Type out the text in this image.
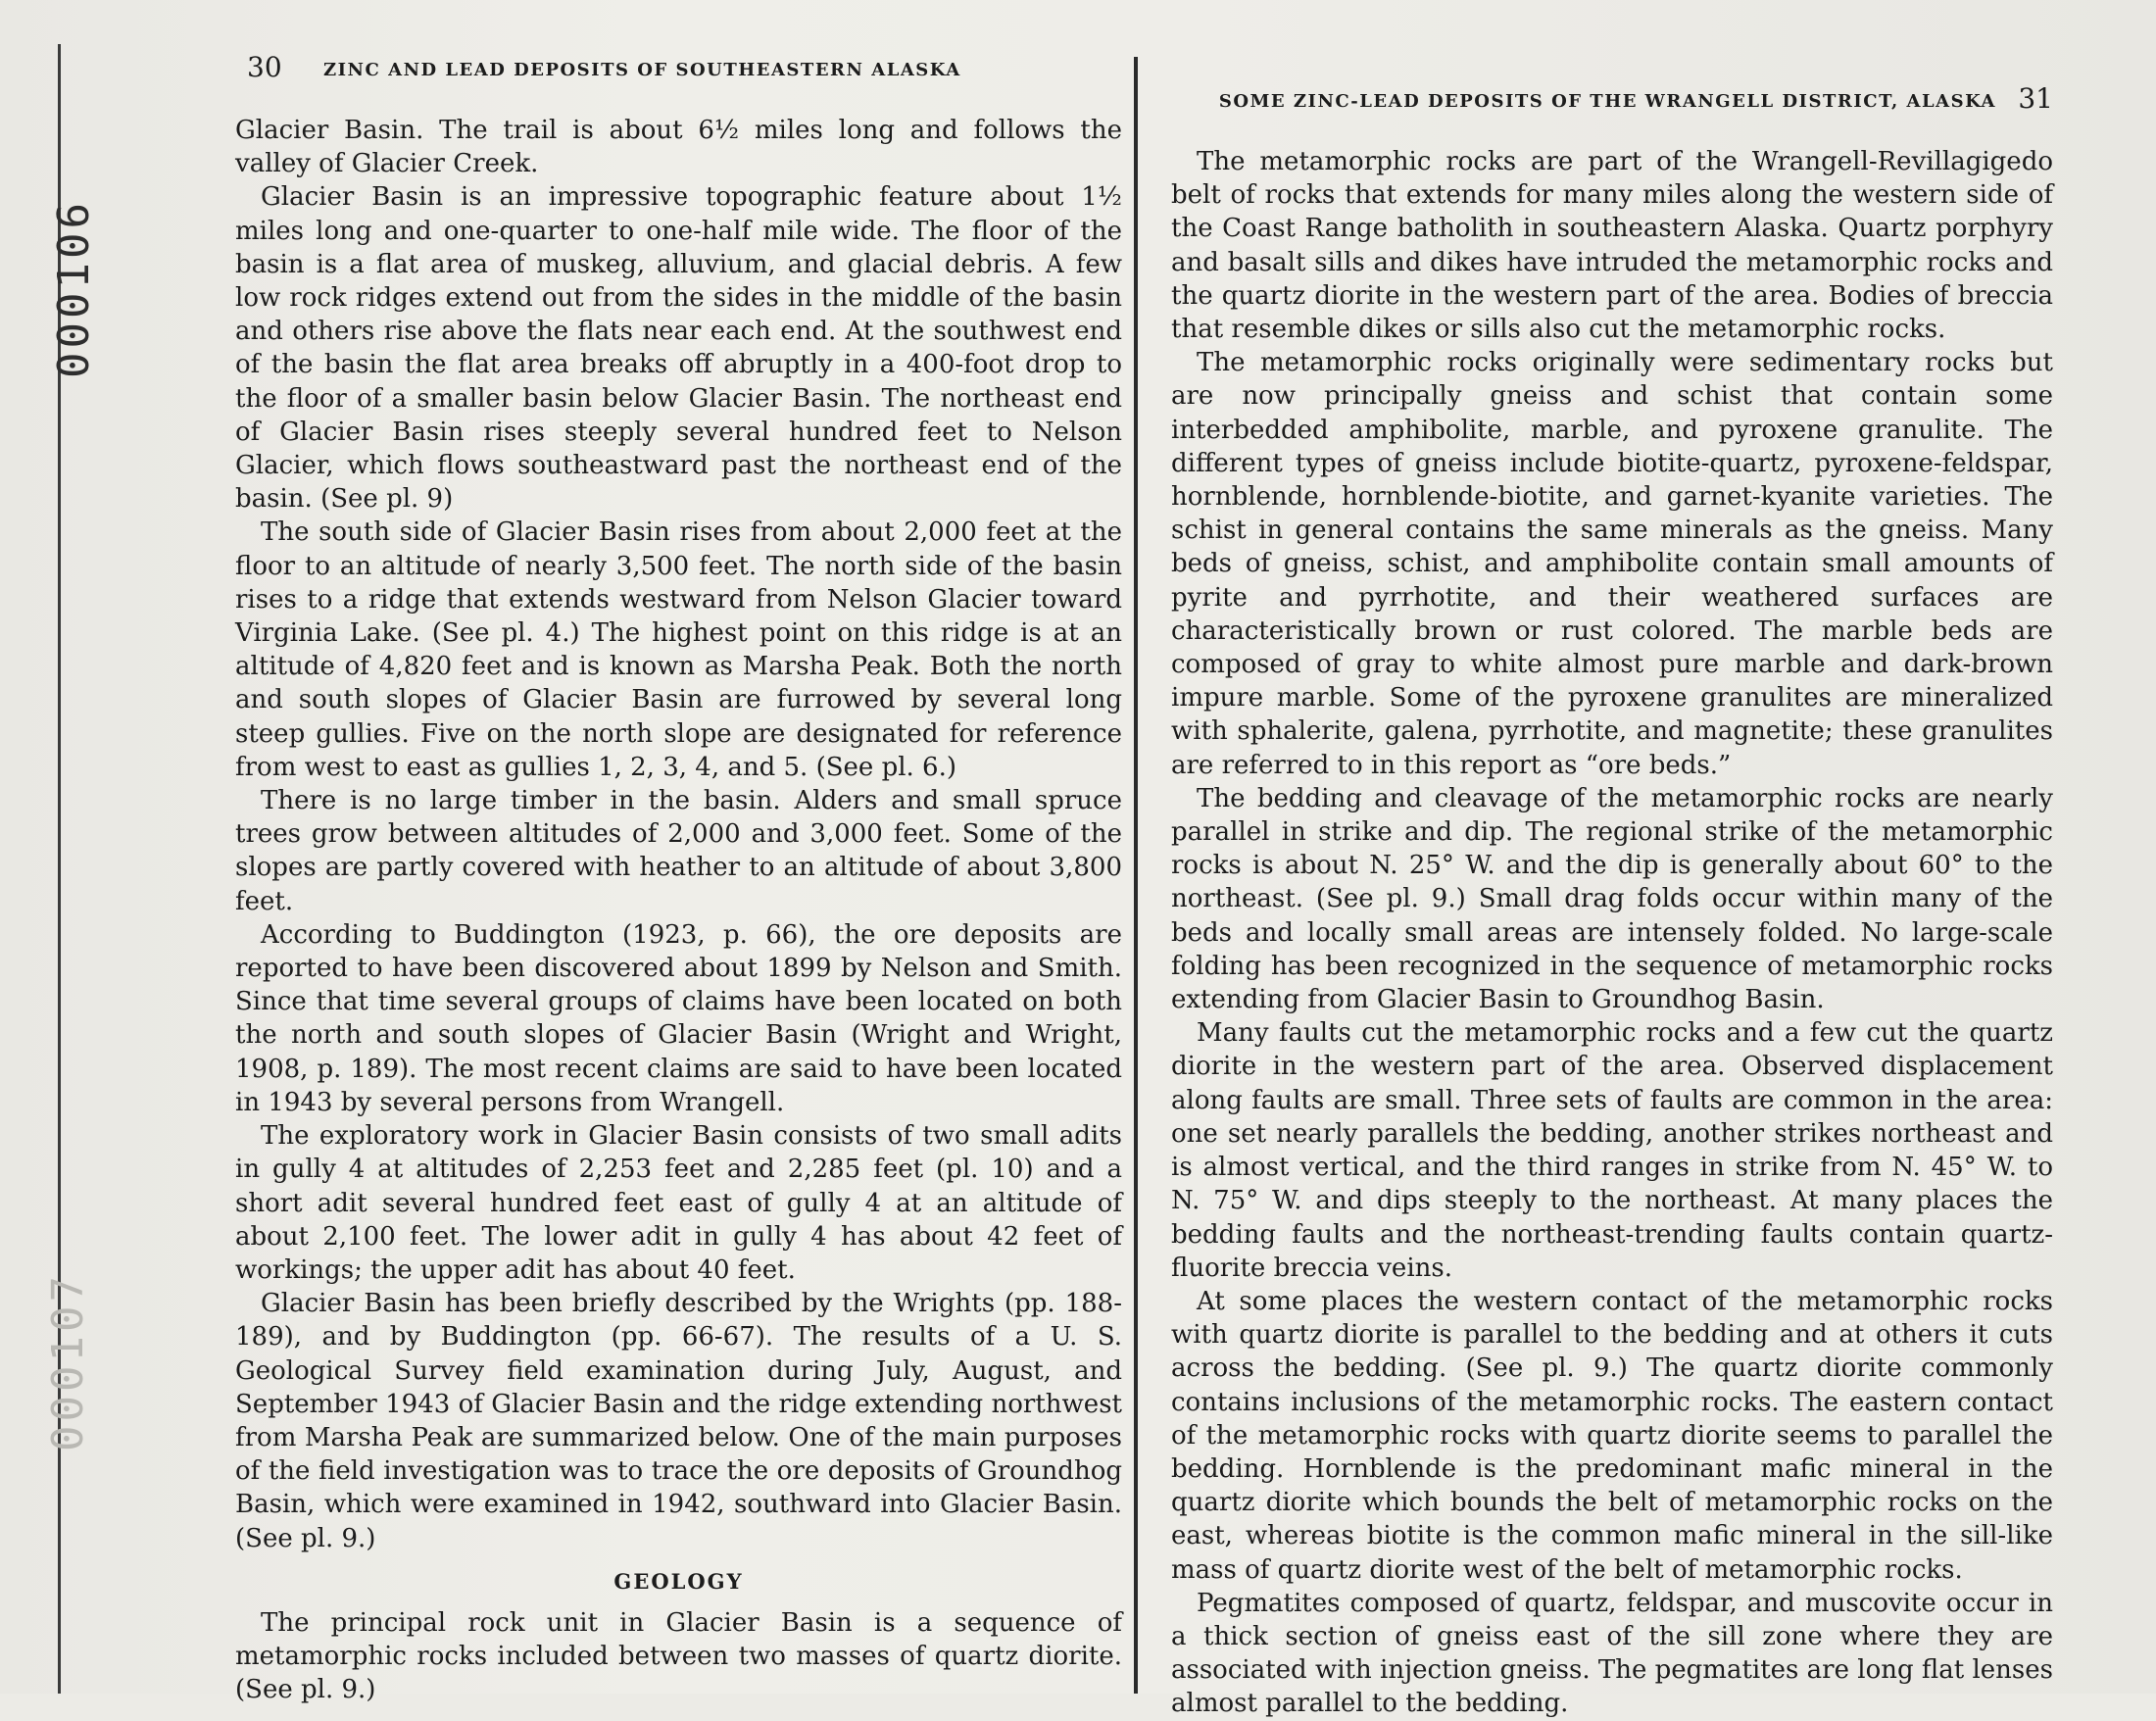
000106
000107
30 ZINC AND LEAD DEPOSITS OF SOUTHEASTERN ALASKA

Glacier Basin. The trail is about 6½ miles long and follows the valley of Glacier Creek.

Glacier Basin is an impressive topographic feature about 1½ miles long and one-quarter to one-half mile wide. The floor of the basin is a flat area of muskeg, alluvium, and glacial debris. A few low rock ridges extend out from the sides in the middle of the basin and others rise above the flats near each end. At the southwest end of the basin the flat area breaks off abruptly in a 400-foot drop to the floor of a smaller basin below Glacier Basin. The northeast end of Glacier Basin rises steeply several hundred feet to Nelson Glacier, which flows southeastward past the northeast end of the basin. (See pl. 9)

The south side of Glacier Basin rises from about 2,000 feet at the floor to an altitude of nearly 3,500 feet. The north side of the basin rises to a ridge that extends westward from Nelson Glacier toward Virginia Lake. (See pl. 4.) The highest point on this ridge is at an altitude of 4,820 feet and is known as Marsha Peak. Both the north and south slopes of Glacier Basin are furrowed by several long steep gullies. Five on the north slope are designated for reference from west to east as gullies 1, 2, 3, 4, and 5. (See pl. 6.)

There is no large timber in the basin. Alders and small spruce trees grow between altitudes of 2,000 and 3,000 feet. Some of the slopes are partly covered with heather to an altitude of about 3,800 feet.

According to Buddington (1923, p. 66), the ore deposits are reported to have been discovered about 1899 by Nelson and Smith. Since that time several groups of claims have been located on both the north and south slopes of Glacier Basin (Wright and Wright, 1908, p. 189). The most recent claims are said to have been located in 1943 by several persons from Wrangell.

The exploratory work in Glacier Basin consists of two small adits in gully 4 at altitudes of 2,253 feet and 2,285 feet (pl. 10) and a short adit several hundred feet east of gully 4 at an altitude of about 2,100 feet. The lower adit in gully 4 has about 42 feet of workings; the upper adit has about 40 feet.

Glacier Basin has been briefly described by the Wrights (pp. 188-189), and by Buddington (pp. 66-67). The results of a U. S. Geological Survey field examination during July, August, and September 1943 of Glacier Basin and the ridge extending northwest from Marsha Peak are summarized below. One of the main purposes of the field investigation was to trace the ore deposits of Groundhog Basin, which were examined in 1942, southward into Glacier Basin. (See pl. 9.)

GEOLOGY

The principal rock unit in Glacier Basin is a sequence of metamorphic rocks included between two masses of quartz diorite. (See pl. 9.)

SOME ZINC-LEAD DEPOSITS OF THE WRANGELL DISTRICT, ALASKA 31

The metamorphic rocks are part of the Wrangell-Revillagigedo belt of rocks that extends for many miles along the western side of the Coast Range batholith in southeastern Alaska. Quartz porphyry and basalt sills and dikes have intruded the metamorphic rocks and the quartz diorite in the western part of the area. Bodies of breccia that resemble dikes or sills also cut the metamorphic rocks.

The metamorphic rocks originally were sedimentary rocks but are now principally gneiss and schist that contain some interbedded amphibolite, marble, and pyroxene granulite. The different types of gneiss include biotite-quartz, pyroxene-feldspar, hornblende, hornblende-biotite, and garnet-kyanite varieties. The schist in general contains the same minerals as the gneiss. Many beds of gneiss, schist, and amphibolite contain small amounts of pyrite and pyrrhotite, and their weathered surfaces are characteristically brown or rust colored. The marble beds are composed of gray to white almost pure marble and dark-brown impure marble. Some of the pyroxene granulites are mineralized with sphalerite, galena, pyrrhotite, and magnetite; these granulites are referred to in this report as “ore beds.”

The bedding and cleavage of the metamorphic rocks are nearly parallel in strike and dip. The regional strike of the metamorphic rocks is about N. 25° W. and the dip is generally about 60° to the northeast. (See pl. 9.) Small drag folds occur within many of the beds and locally small areas are intensely folded. No large-scale folding has been recognized in the sequence of metamorphic rocks extending from Glacier Basin to Groundhog Basin.

Many faults cut the metamorphic rocks and a few cut the quartz diorite in the western part of the area. Observed displacement along faults are small. Three sets of faults are common in the area: one set nearly parallels the bedding, another strikes northeast and is almost vertical, and the third ranges in strike from N. 45° W. to N. 75° W. and dips steeply to the northeast. At many places the bedding faults and the northeast-trending faults contain quartz-fluorite breccia veins.

At some places the western contact of the metamorphic rocks with quartz diorite is parallel to the bedding and at others it cuts across the bedding. (See pl. 9.) The quartz diorite commonly contains inclusions of the metamorphic rocks. The eastern contact of the metamorphic rocks with quartz diorite seems to parallel the bedding. Hornblende is the predominant mafic mineral in the quartz diorite which bounds the belt of metamorphic rocks on the east, whereas biotite is the common mafic mineral in the sill-like mass of quartz diorite west of the belt of metamorphic rocks.

Pegmatites composed of quartz, feldspar, and muscovite occur in a thick section of gneiss east of the sill zone where they are associated with injection gneiss. The pegmatites are long flat lenses almost parallel to the bedding.
